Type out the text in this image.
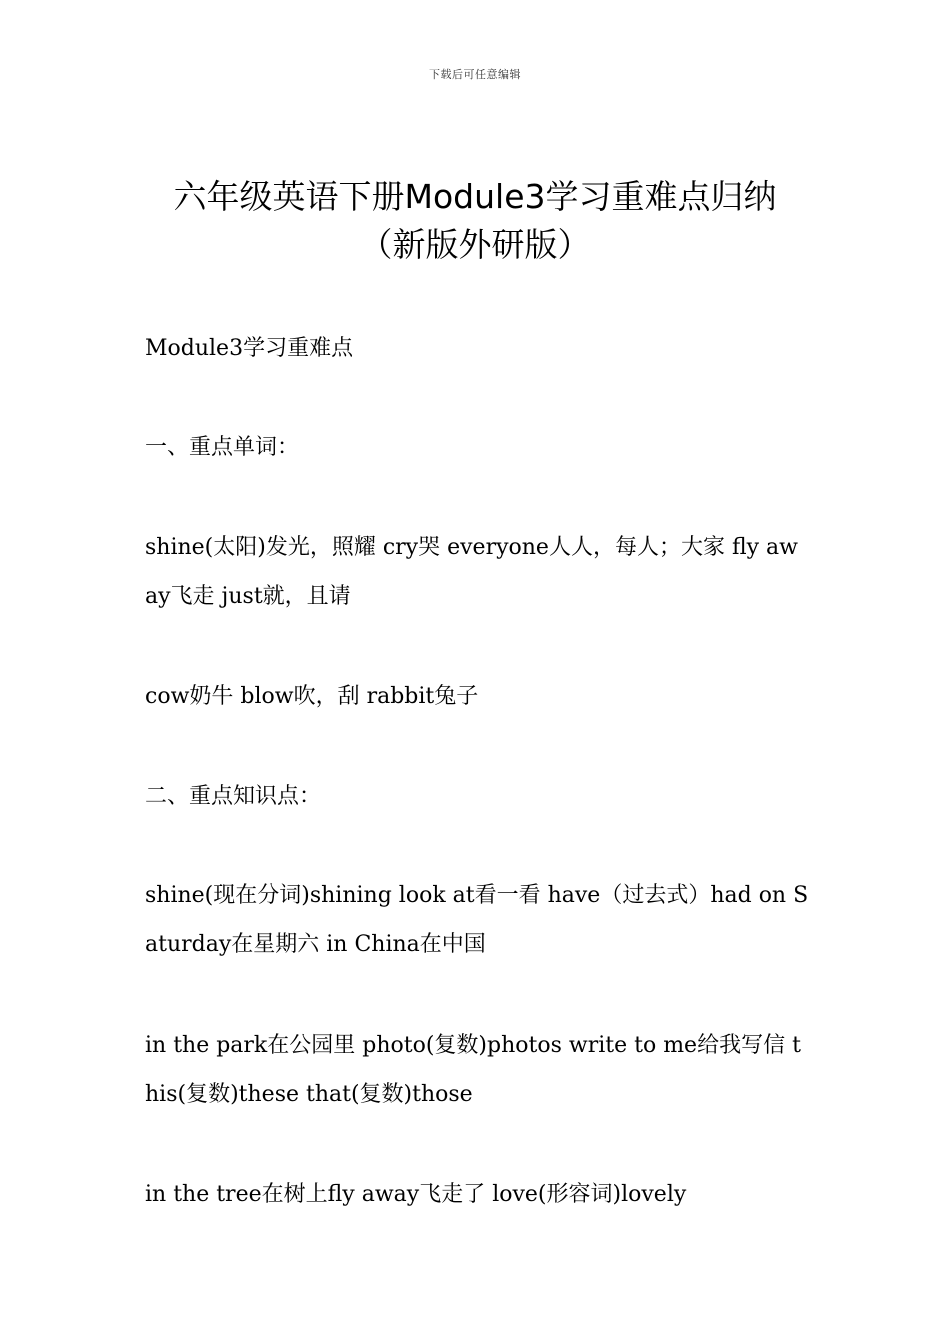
下载后可任意编辑
六年级英语下册Module3学习重难点归纳
（新版外研版）

Module3学习重难点

一、重点单词：

shine(太阳)发光，照耀 cry哭 everyone人人，每人；大家 fly away飞走 just就，且请

cow奶牛 blow吹，刮 rabbit兔子

二、重点知识点：

shine(现在分词)shining look at看一看 have（过去式）had on Saturday在星期六 in China在中国

in the park在公园里 photo(复数)photos write to me给我写信 this(复数)these that(复数)those

in the tree在树上fly away飞走了 love(形容词)lovely
